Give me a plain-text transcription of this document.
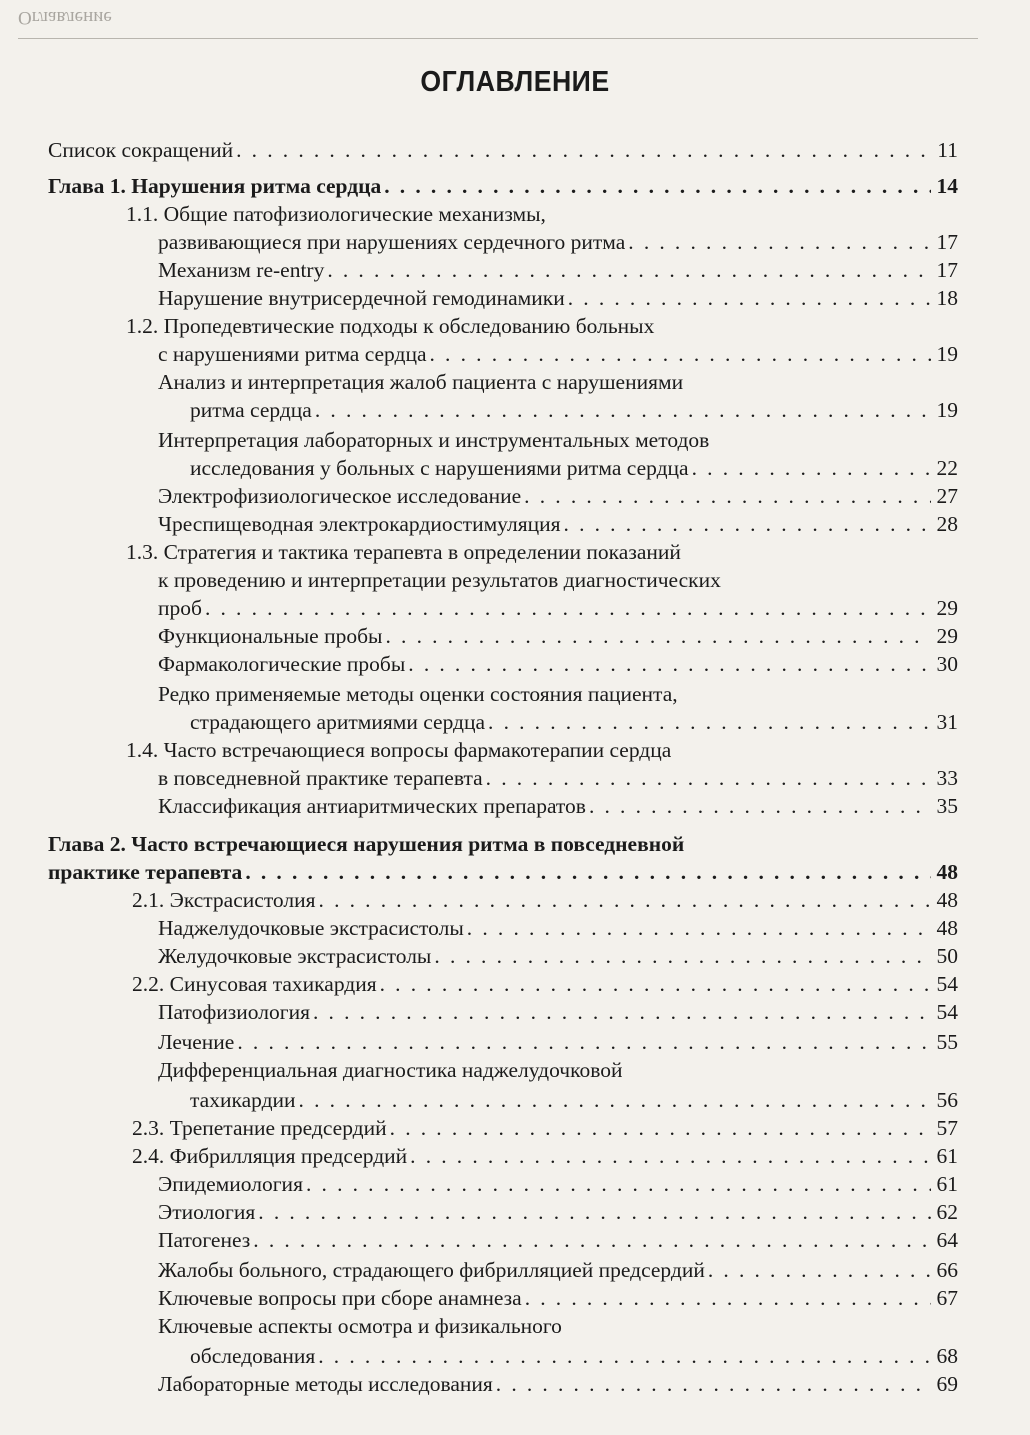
Оглавление
ОГЛАВЛЕНИЕ
Список сокращений . . .	11
Глава 1. Нарушения ритма сердца . . .	14
1.1. Общие патофизиологические механизмы,
развивающиеся при нарушениях сердечного ритма . . .	17
Механизм re-entry . . .	17
Нарушение внутрисердечной гемодинамики . . .	18
1.2. Пропедевтические подходы к обследованию больных
с нарушениями ритма сердца . . .	19
Анализ и интерпретация жалоб пациента с нарушениями
ритма сердца . . .	19
Интерпретация лабораторных и инструментальных методов
исследования у больных с нарушениями ритма сердца . . .	22
Электрофизиологическое исследование . . .	27
Чреспищеводная электрокардиостимуляция . . .	28
1.3. Стратегия и тактика терапевта в определении показаний
к проведению и интерпретации результатов диагностических
проб . . .	29
Функциональные пробы . . .	29
Фармакологические пробы . . .	30
Редко применяемые методы оценки состояния пациента,
страдающего аритмиями сердца . . .	31
1.4. Часто встречающиеся вопросы фармакотерапии сердца
в повседневной практике терапевта . . .	33
Классификация антиаритмических препаратов . . .	35
Глава 2. Часто встречающиеся нарушения ритма в повседневной
практике терапевта . . .	48
2.1. Экстрасистолия . . .	48
Наджелудочковые экстрасистолы . . .	48
Желудочковые экстрасистолы . . .	50
2.2. Синусовая тахикардия . . .	54
Патофизиология . . .	54
Лечение . . .	55
Дифференциальная диагностика наджелудочковой
тахикардии . . .	56
2.3. Трепетание предсердий . . .	57
2.4. Фибрилляция предсердий . . .	61
Эпидемиология . . .	61
Этиология . . .	62
Патогенез . . .	64
Жалобы больного, страдающего фибрилляцией предсердий . . .	66
Ключевые вопросы при сборе анамнеза . . .	67
Ключевые аспекты осмотра и физикального
обследования . . .	68
Лабораторные методы исследования . . .	69
